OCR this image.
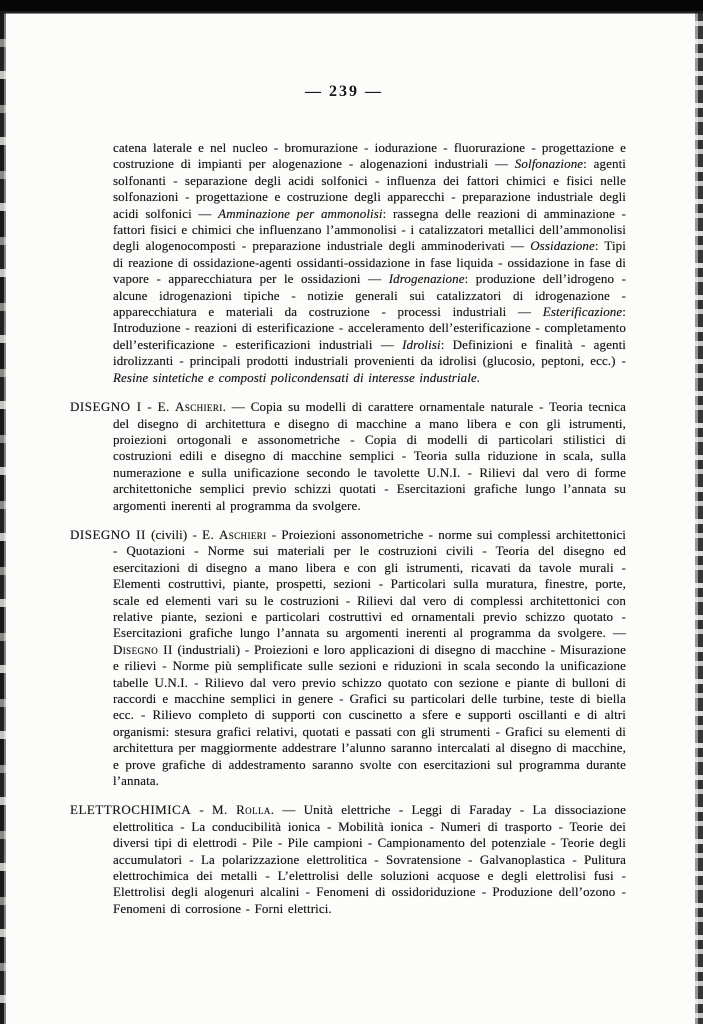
— 239 —

catena laterale e nel nucleo - bromurazione - iodurazione - fluorurazione - progettazione e costruzione di impianti per alogenazione - alogenazioni industriali — Solfonazione: agenti solfonanti - separazione degli acidi solfonici - influenza dei fattori chimici e fisici nelle solfonazioni - progettazione e costruzione degli apparecchi - preparazione industriale degli acidi solfonici — Amminazione per ammonolisi: rassegna delle reazioni di amminazione - fattori fisici e chimici che influenzano l’ammonolisi - i catalizzatori metallici dell’ammonolisi degli alogenocomposti - preparazione industriale degli amminoderivati — Ossidazione: Tipi di reazione di ossidazione-agenti ossidanti-ossidazione in fase liquida - ossidazione in fase di vapore - apparecchiatura per le ossidazioni — Idrogenazione: produzione dell’idrogeno - alcune idrogenazioni tipiche - notizie generali sui catalizzatori di idrogenazione - apparecchiatura e materiali da costruzione - processi industriali — Esterificazione: Introduzione - reazioni di esterificazione - acceleramento dell’esterificazione - completamento dell’esterificazione - esterificazioni industriali — Idrolisi: Definizioni e finalità - agenti idrolizzanti - principali prodotti industriali provenienti da idrolisi (glucosio, peptoni, ecc.) - Resine sintetiche e composti policondensati di interesse industriale.

DISEGNO I - E. Aschieri. — Copia su modelli di carattere ornamentale naturale - Teoria tecnica del disegno di architettura e disegno di macchine a mano libera e con gli istrumenti, proiezioni ortogonali e assonometriche - Copia di modelli di particolari stilistici di costruzioni edili e disegno di macchine semplici - Teoria sulla riduzione in scala, sulla numerazione e sulla unificazione secondo le tavolette U.N.I. - Rilievi dal vero di forme architettoniche semplici previo schizzi quotati - Esercitazioni grafiche lungo l’annata su argomenti inerenti al programma da svolgere.

DISEGNO II (civili) - E. Aschieri - Proiezioni assonometriche - norme sui complessi architettonici - Quotazioni - Norme sui materiali per le costruzioni civili - Teoria del disegno ed esercitazioni di disegno a mano libera e con gli istrumenti, ricavati da tavole murali - Elementi costruttivi, piante, prospetti, sezioni - Particolari sulla muratura, finestre, porte, scale ed elementi vari su le costruzioni - Rilievi dal vero di complessi architettonici con relative piante, sezioni e particolari costruttivi ed ornamentali previo schizzo quotato - Esercitazioni grafiche lungo l’annata su argomenti inerenti al programma da svolgere. — Disegno II (industriali) - Proiezioni e loro applicazioni di disegno di macchine - Misurazione e rilievi - Norme più semplificate sulle sezioni e riduzioni in scala secondo la unificazione tabelle U.N.I. - Rilievo dal vero previo schizzo quotato con sezione e piante di bulloni di raccordi e macchine semplici in genere - Grafici su particolari delle turbine, teste di biella ecc. - Rilievo completo di supporti con cuscinetto a sfere e supporti oscillanti e di altri organismi: stesura grafici relativi, quotati e passati con gli strumenti - Grafici su elementi di architettura per maggiormente addestrare l’alunno saranno intercalati al disegno di macchine, e prove grafiche di addestramento saranno svolte con esercitazioni sul programma durante l’annata.

ELETTROCHIMICA - M. Rolla. — Unità elettriche - Leggi di Faraday - La dissociazione elettrolitica - La conducibilità ionica - Mobilità ionica - Numeri di trasporto - Teorie dei diversi tipi di elettrodi - Pile - Pile campioni - Campionamento del potenziale - Teorie degli accumulatori - La polarizzazione elettrolitica - Sovratensione - Galvanoplastica - Pulitura elettrochimica dei metalli - L’elettrolisi delle soluzioni acquose e degli elettrolisi fusi - Elettrolisi degli alogenuri alcalini - Fenomeni di ossidoriduzione - Produzione dell’ozono - Fenomeni di corrosione - Forni elettrici.
